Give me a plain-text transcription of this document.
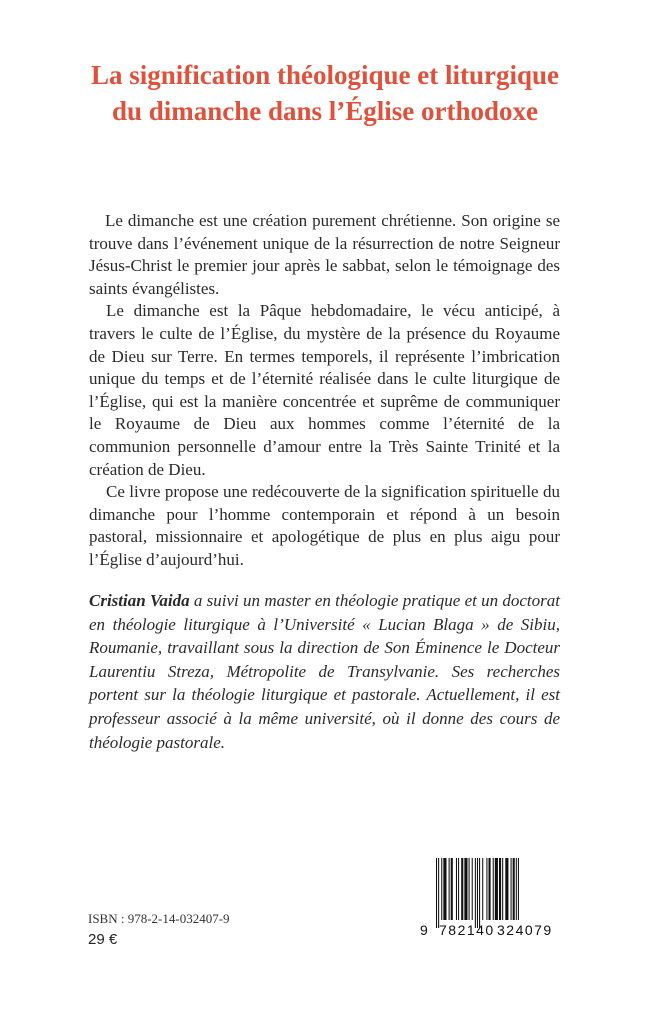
La signification théologique et liturgique
du dimanche dans l’Église orthodoxe

Le dimanche est une création purement chrétienne. Son origine se trouve dans l’événement unique de la résurrection de notre Seigneur Jésus-Christ le premier jour après le sabbat, selon le témoignage des saints évangélistes.

Le dimanche est la Pâque hebdomadaire, le vécu anticipé, à travers le culte de l’Église, du mystère de la présence du Royaume de Dieu sur Terre. En termes temporels, il représente l’imbrication unique du temps et de l’éternité réalisée dans le culte liturgique de l’Église, qui est la manière concentrée et suprême de communiquer le Royaume de Dieu aux hommes comme l’éternité de la communion personnelle d’amour entre la Très Sainte Trinité et la création de Dieu.

Ce livre propose une redécouverte de la signification spirituelle du dimanche pour l’homme contemporain et répond à un besoin pastoral, missionnaire et apologétique de plus en plus aigu pour l’Église d’aujourd’hui.

Cristian Vaida a suivi un master en théologie pratique et un doctorat en théologie liturgique à l’Université « Lucian Blaga » de Sibiu, Roumanie, travaillant sous la direction de Son Éminence le Docteur Laurentiu Streza, Métropolite de Transylvanie. Ses recherches portent sur la théologie liturgique et pastorale. Actuellement, il est professeur associé à la même université, où il donne des cours de théologie pastorale.

ISBN : 978-2-14-032407-9
29 €
9 782140 324079
